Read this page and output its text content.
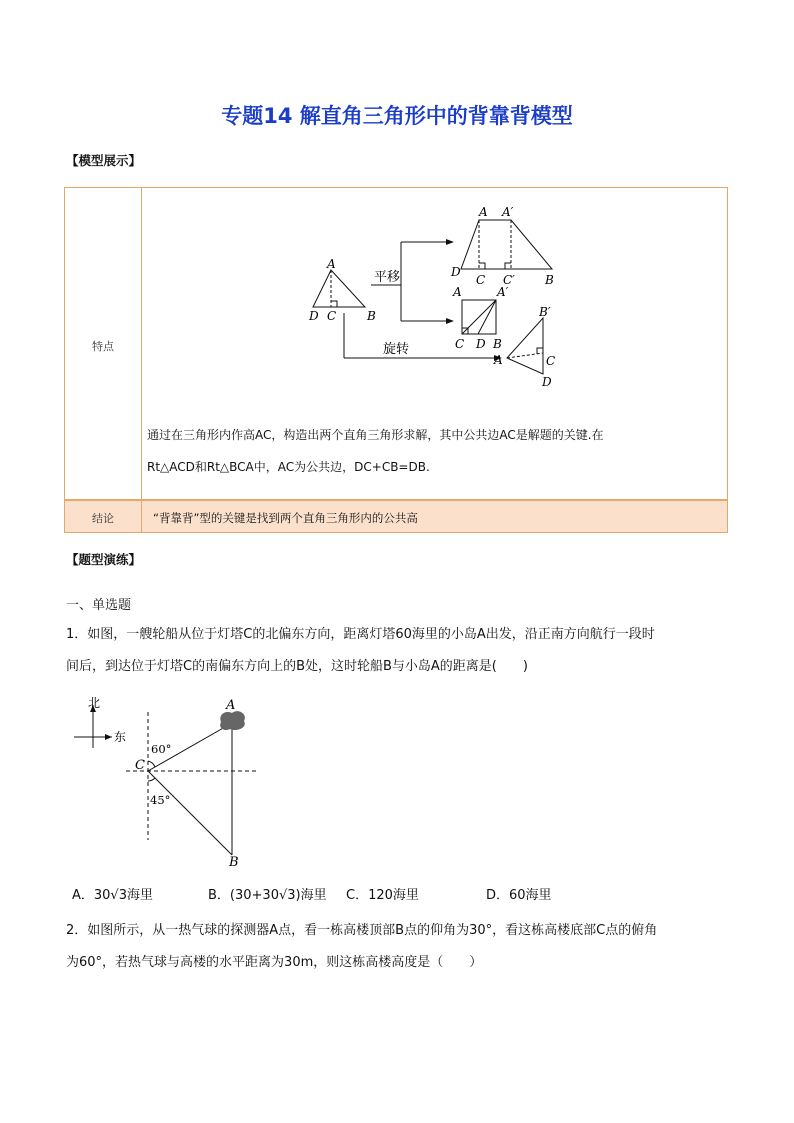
专题14 解直角三角形中的背靠背模型
【模型展示】
特点
A
D C	B
平移
A A′
D
C C′	B
A	A′
C D B
旋转
B′
A	C
D
通过在三角形内作高AC，构造出两个直角三角形求解，其中公共边AC是解题的关键.在
Rt△ACD和Rt△BCA中，AC为公共边，DC+CB=DB.
结论	“背靠背”型的关键是找到两个直角三角形内的公共高
【题型演练】
一、单选题
1．如图，一艘轮船从位于灯塔C的北偏东方向，距离灯塔60海里的小岛A出发，沿正南方向航行一段时
间后，到达位于灯塔C的南偏东方向上的B处，这时轮船B与小岛A的距离是(　　)
北
东
A
C
B
60°
45°
A．30√3海里	B．(30+30√3)海里 C．120海里	D．60海里
2．如图所示，从一热气球的探测器A点，看一栋高楼顶部B点的仰角为30°，看这栋高楼底部C点的俯角
为60°，若热气球与高楼的水平距离为30m，则这栋高楼高度是（　　）
